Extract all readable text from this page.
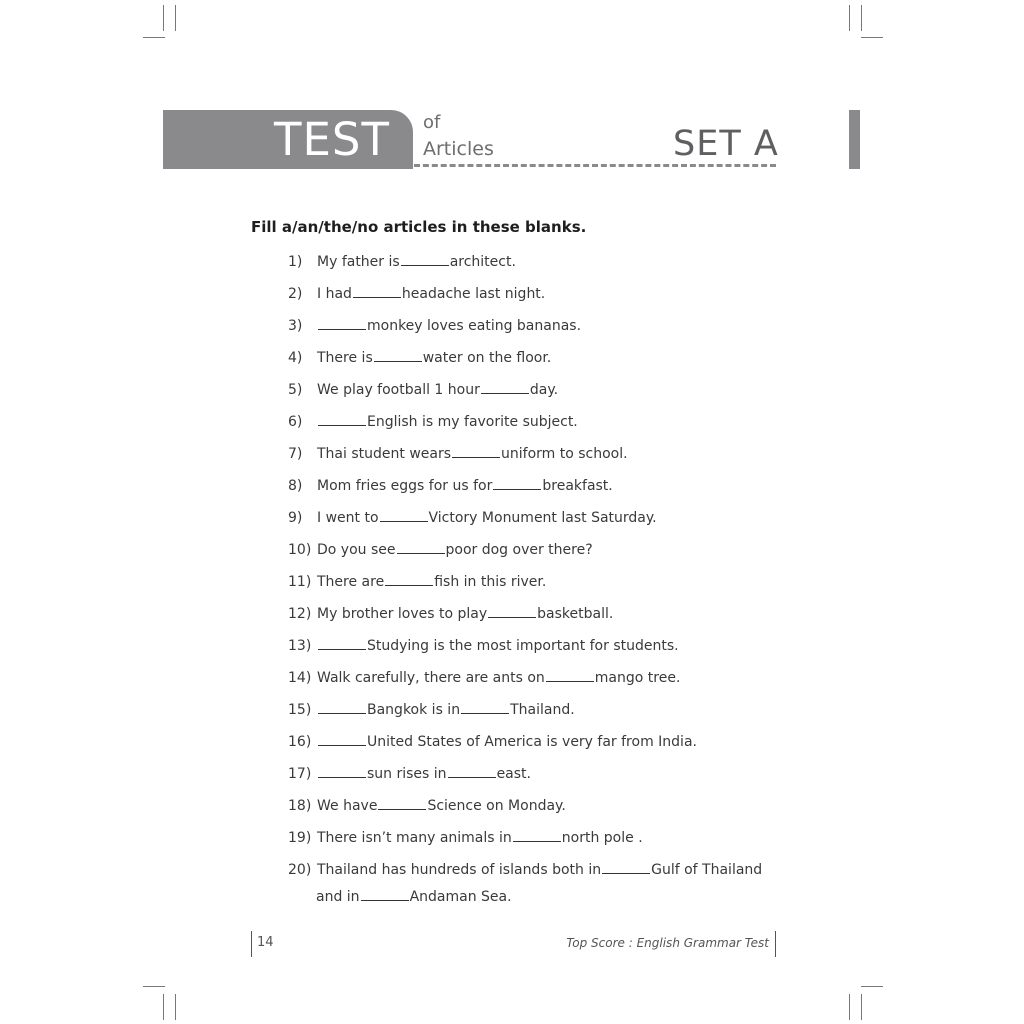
TEST of
Articles	SET A
Fill a/an/the/no articles in these blanks.
1) My father is	architect.
2) I had	headache last night.
3)	monkey loves eating bananas.
4) There is	water on the floor.
5) We play football 1 hour	day.
6)	English is my favorite subject.
7) Thai student wears	uniform to school.
8) Mom fries eggs for us for	breakfast.
9) I went to	Victory Monument last Saturday.
10) Do you see	poor dog over there?
11) There are	fish in this river.
12) My brother loves to play	basketball.
13)	Studying is the most important for students.
14) Walk carefully, there are ants on	mango tree.
15)	Bangkok is in	Thailand.
16)	United States of America is very far from India.
17)	sun rises in	east.
18) We have	Science on Monday.
19) There isn’t many animals in	north pole .
20) Thailand has hundreds of islands both in	Gulf of Thailand
and in	Andaman Sea.
14	Top Score : English Grammar Test
